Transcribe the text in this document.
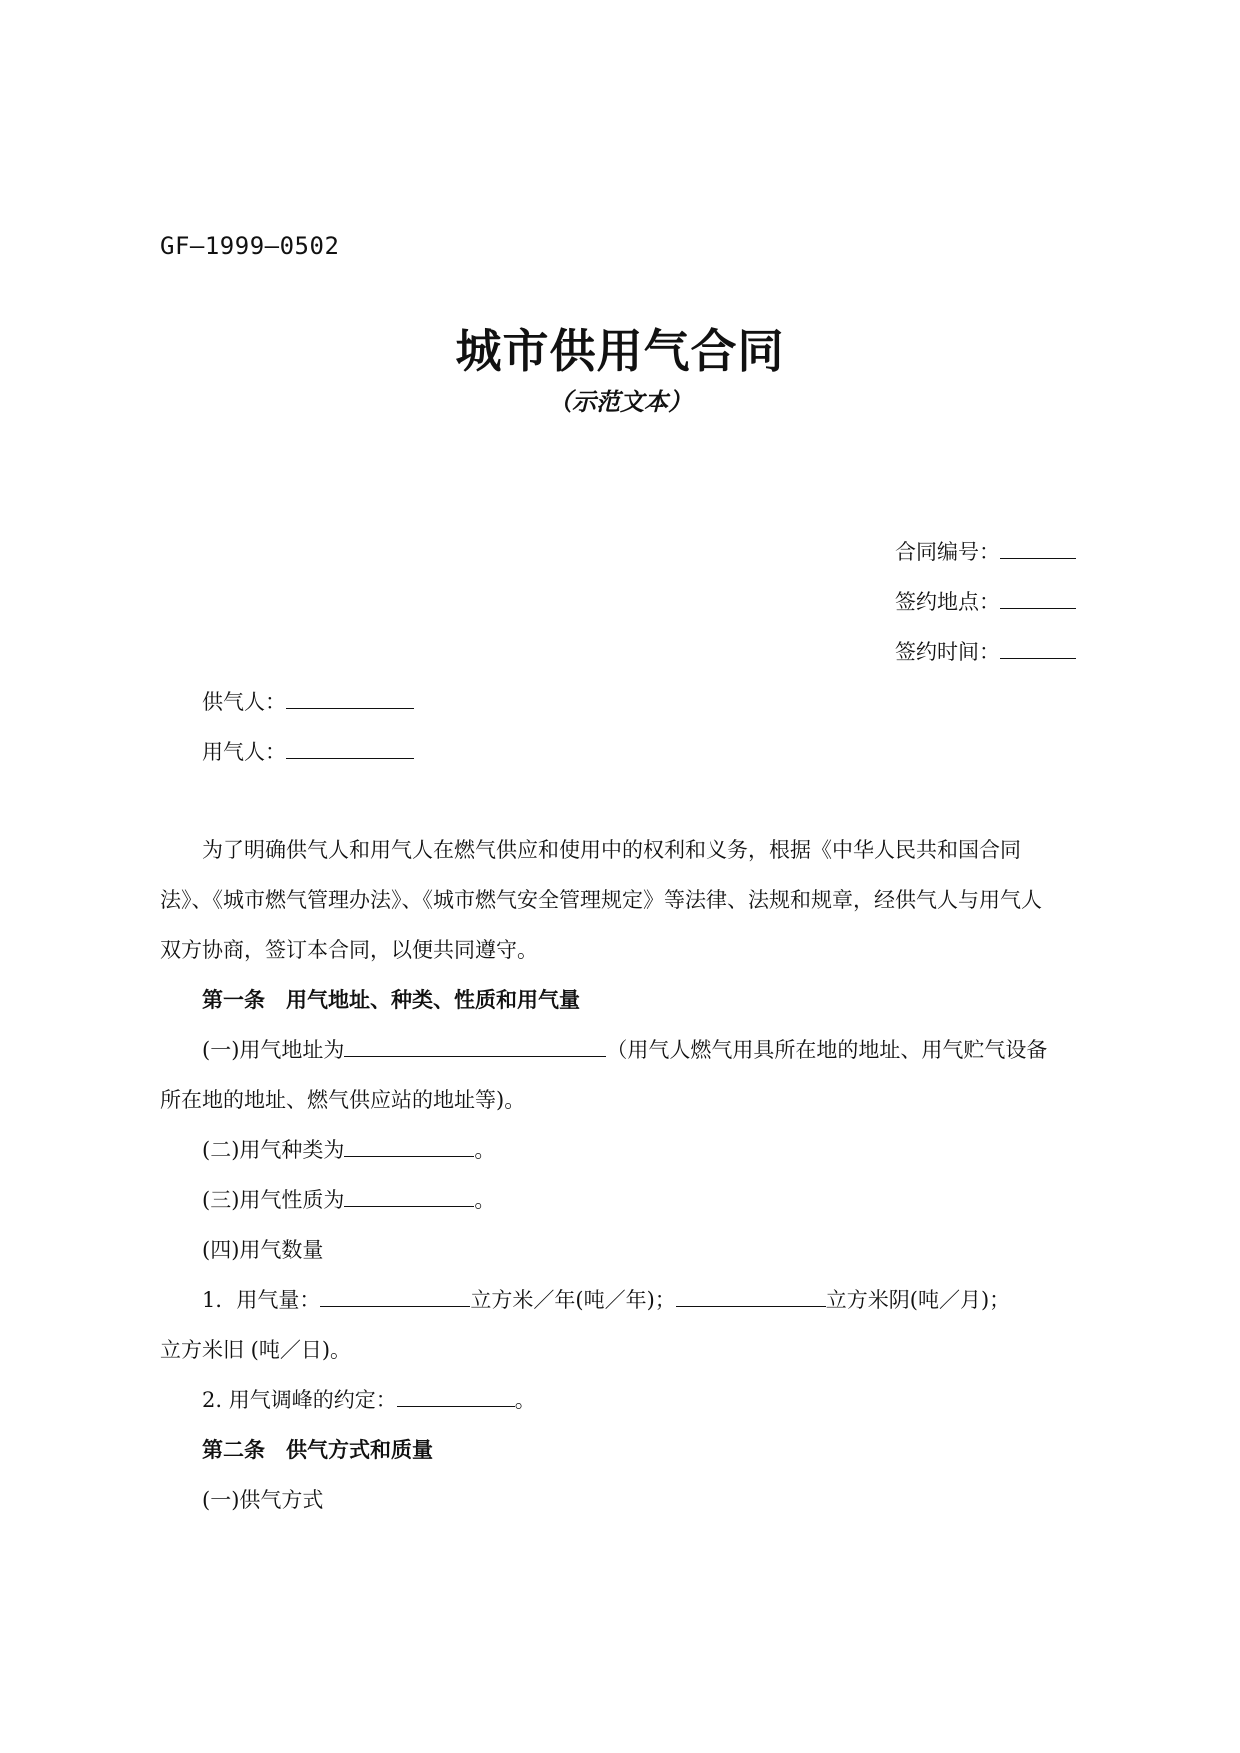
GF—1999—0502
城市供用气合同
（示范文本）
合同编号：
签约地点：
签约时间：
供气人：
用气人：
为了明确供气人和用气人在燃气供应和使用中的权利和义务，根据《中华人民共和国合同
法》、《城市燃气管理办法》、《城市燃气安全管理规定》等法律、法规和规章，经供气人与用气人
双方协商，签订本合同，以便共同遵守。
第一条　用气地址、种类、性质和用气量
(一)用气地址为	（用气人燃气用具所在地的地址、用气贮气设备
所在地的地址、燃气供应站的地址等)。
(二)用气种类为	。
(三)用气性质为	。
(四)用气数量
1．用气量：	立方米／年(吨／年)；	立方米阴(吨／月)；
立方米旧 (吨／日)。
2. 用气调峰的约定：	。
第二条　供气方式和质量
(一)供气方式
